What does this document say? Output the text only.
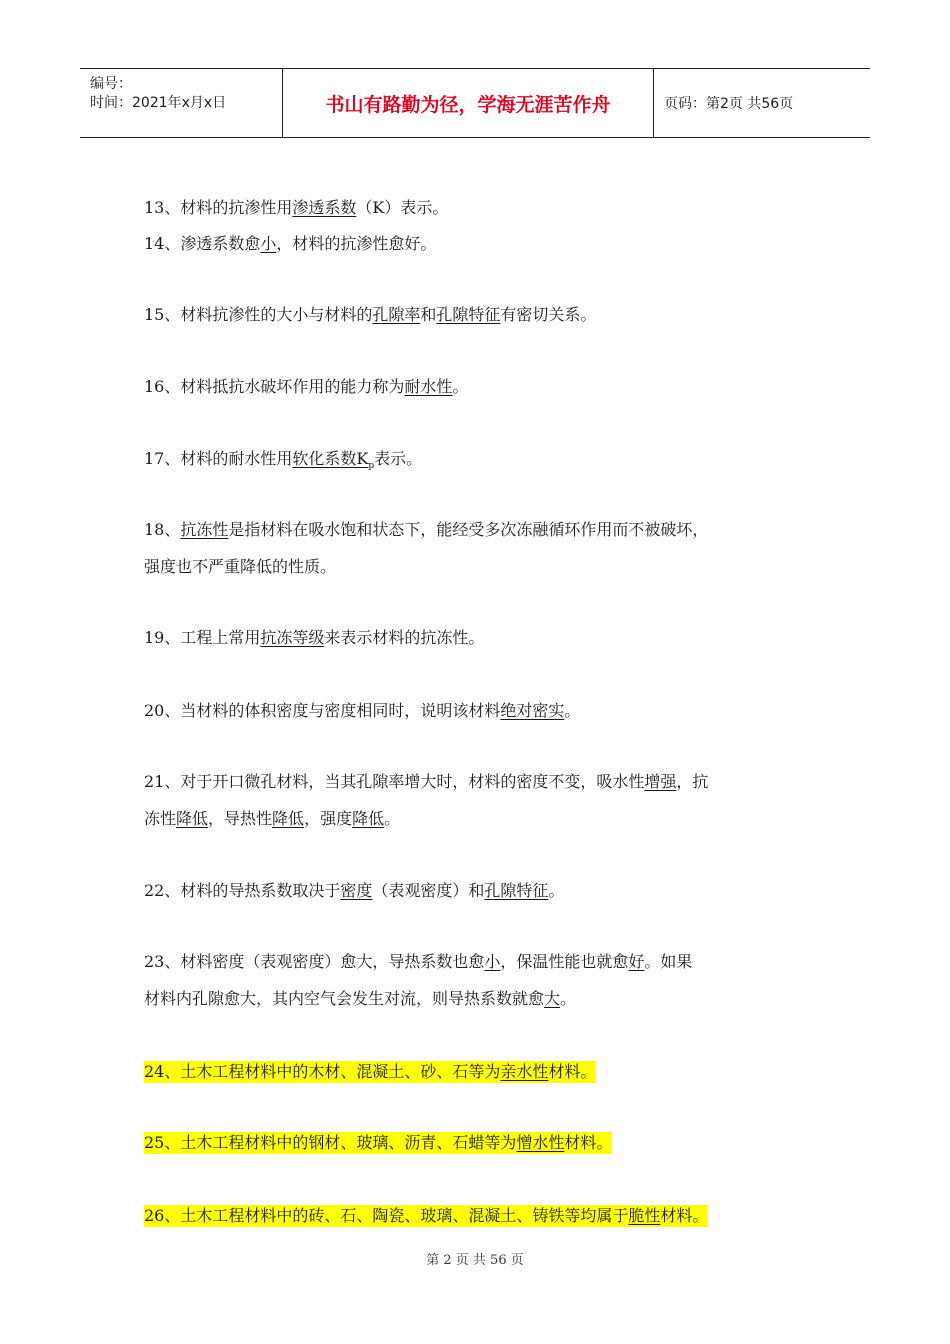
编号：
时间：2021年x月x日	书山有路勤为径，学海无涯苦作舟	页码：第2页 共56页
13、材料的抗渗性用渗透系数（K）表示。
14、渗透系数愈小，材料的抗渗性愈好。
15、材料抗渗性的大小与材料的孔隙率和孔隙特征有密切关系。
16、材料抵抗水破坏作用的能力称为耐水性。
17、材料的耐水性用软化系数$K_p$表示。
18、抗冻性是指材料在吸水饱和状态下，能经受多次冻融循环作用而不被破坏，
强度也不严重降低的性质。
19、工程上常用抗冻等级来表示材料的抗冻性。
20、当材料的体积密度与密度相同时，说明该材料绝对密实。
21、对于开口微孔材料，当其孔隙率增大时，材料的密度不变，吸水性增强，抗
冻性降低，导热性降低，强度降低。
22、材料的导热系数取决于密度（表观密度）和孔隙特征。
23、材料密度（表观密度）愈大，导热系数也愈小，保温性能也就愈好。如果
材料内孔隙愈大，其内空气会发生对流，则导热系数就愈大。
24、土木工程材料中的木材、混凝土、砂、石等为亲水性材料。
25、土木工程材料中的钢材、玻璃、沥青、石蜡等为憎水性材料。
26、土木工程材料中的砖、石、陶瓷、玻璃、混凝土、铸铁等均属于脆性材料。
第 2 页 共 56 页
